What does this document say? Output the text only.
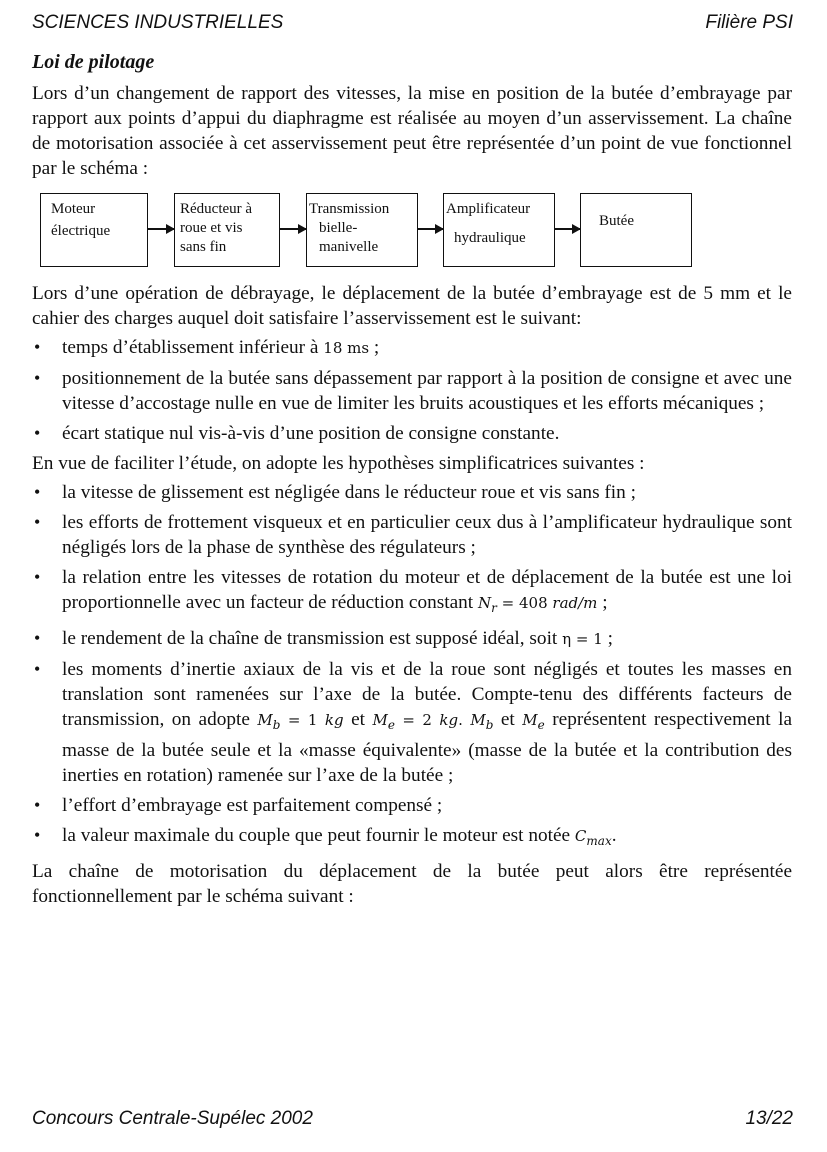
SCIENCES INDUSTRIELLES	Filière PSI
Loi de pilotage

Lors d’un changement de rapport des vitesses, la mise en position de la butée d’embrayage par rapport aux points d’appui du diaphragme est réalisée au moyen d’un asservissement. La chaîne de motorisation associée à cet asservissement peut être représentée d’un point de vue fonctionnel par le schéma :

Moteur
électrique
Réducteur à
roue et vis
sans fin
Transmission
bielle-
manivelle
Amplificateur
hydraulique
Butée

Lors d’une opération de débrayage, le déplacement de la butée d’embrayage est de 5 mm et le cahier des charges auquel doit satisfaire l’asservissement est le suivant:

• temps d’établissement inférieur à 18 ms ;
• positionnement de la butée sans dépassement par rapport à la position de consigne et avec une vitesse d’accostage nulle en vue de limiter les bruits acoustiques et les efforts mécaniques ;
• écart statique nul vis-à-vis d’une position de consigne constante.

En vue de faciliter l’étude, on adopte les hypothèses simplificatrices suivantes :

• la vitesse de glissement est négligée dans le réducteur roue et vis sans fin ;
• les efforts de frottement visqueux et en particulier ceux dus à l’amplificateur hydraulique sont négligés lors de la phase de synthèse des régulateurs ;
• la relation entre les vitesses de rotation du moteur et de déplacement de la butée est une loi proportionnelle avec un facteur de réduction constant $N_r = 408$ rad/m ;
• le rendement de la chaîne de transmission est supposé idéal, soit η = 1 ;
• les moments d’inertie axiaux de la vis et de la roue sont négligés et toutes les masses en translation sont ramenées sur l’axe de la butée. Compte-tenu des différents facteurs de transmission, on adopte $M_b = 1$ kg et $M_e = 2$ kg. $M_b$ et $M_e$ représentent respectivement la masse de la butée seule et la «masse équivalente» (masse de la butée et la contribution des inerties en rotation) ramenée sur l’axe de la butée ;
• l’effort d’embrayage est parfaitement compensé ;
• la valeur maximale du couple que peut fournir le moteur est notée $C_{max}$.

La chaîne de motorisation du déplacement de la butée peut alors être représentée fonctionnellement par le schéma suivant :

Concours Centrale-Supélec 2002	13/22
